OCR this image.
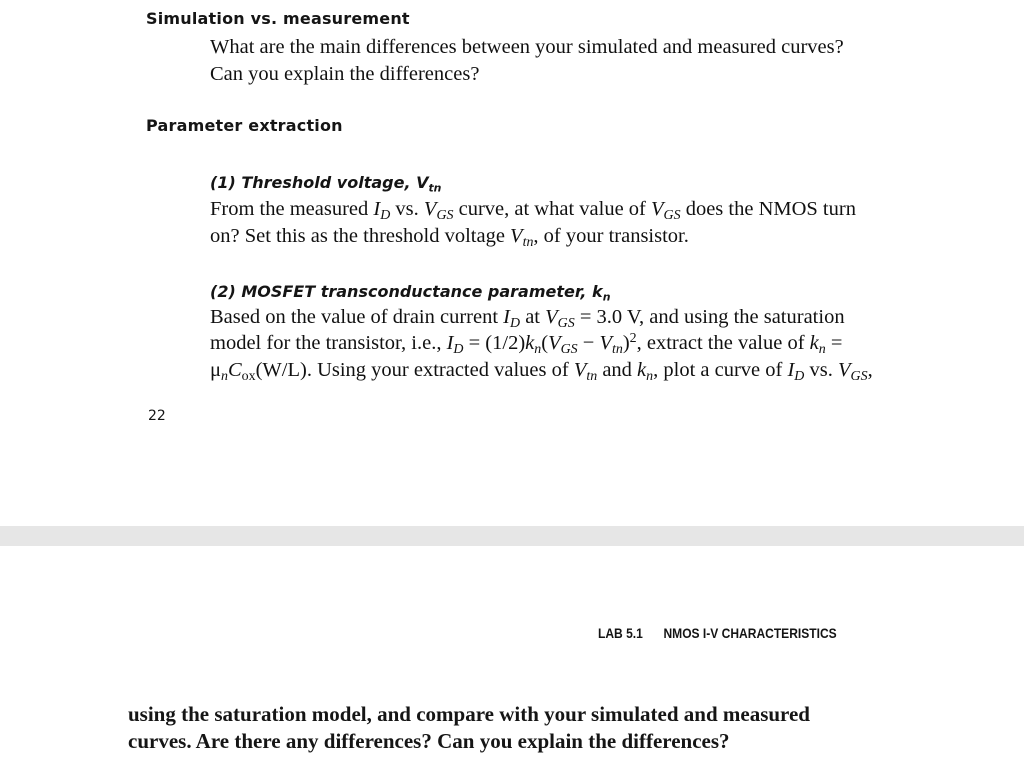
Simulation vs. measurement
What are the main differences between your simulated and measured curves?
Can you explain the differences?
Parameter extraction
(1) Threshold voltage, $V_{tn}$
From the measured $I_D$ vs. $V_{GS}$ curve, at what value of $V_{GS}$ does the NMOS turn
on? Set this as the threshold voltage $V_{tn}$, of your transistor.
(2) MOSFET transconductance parameter, $k_n$
Based on the value of drain current $I_D$ at $V_{GS} = 3.0$ V, and using the saturation
model for the transistor, i.e., $I_D = (1/2)k_n(V_{GS} - V_{tn})^2$, extract the value of $k_n$ =
$\mu_nC_{ox}(W/L)$. Using your extracted values of $V_{tn}$ and $k_n$, plot a curve of $I_D$ vs. $V_{GS}$,
22
LAB 5.1 NMOS I-V CHARACTERISTICS
using the saturation model, and compare with your simulated and measured
curves. Are there any differences? Can you explain the differences?
